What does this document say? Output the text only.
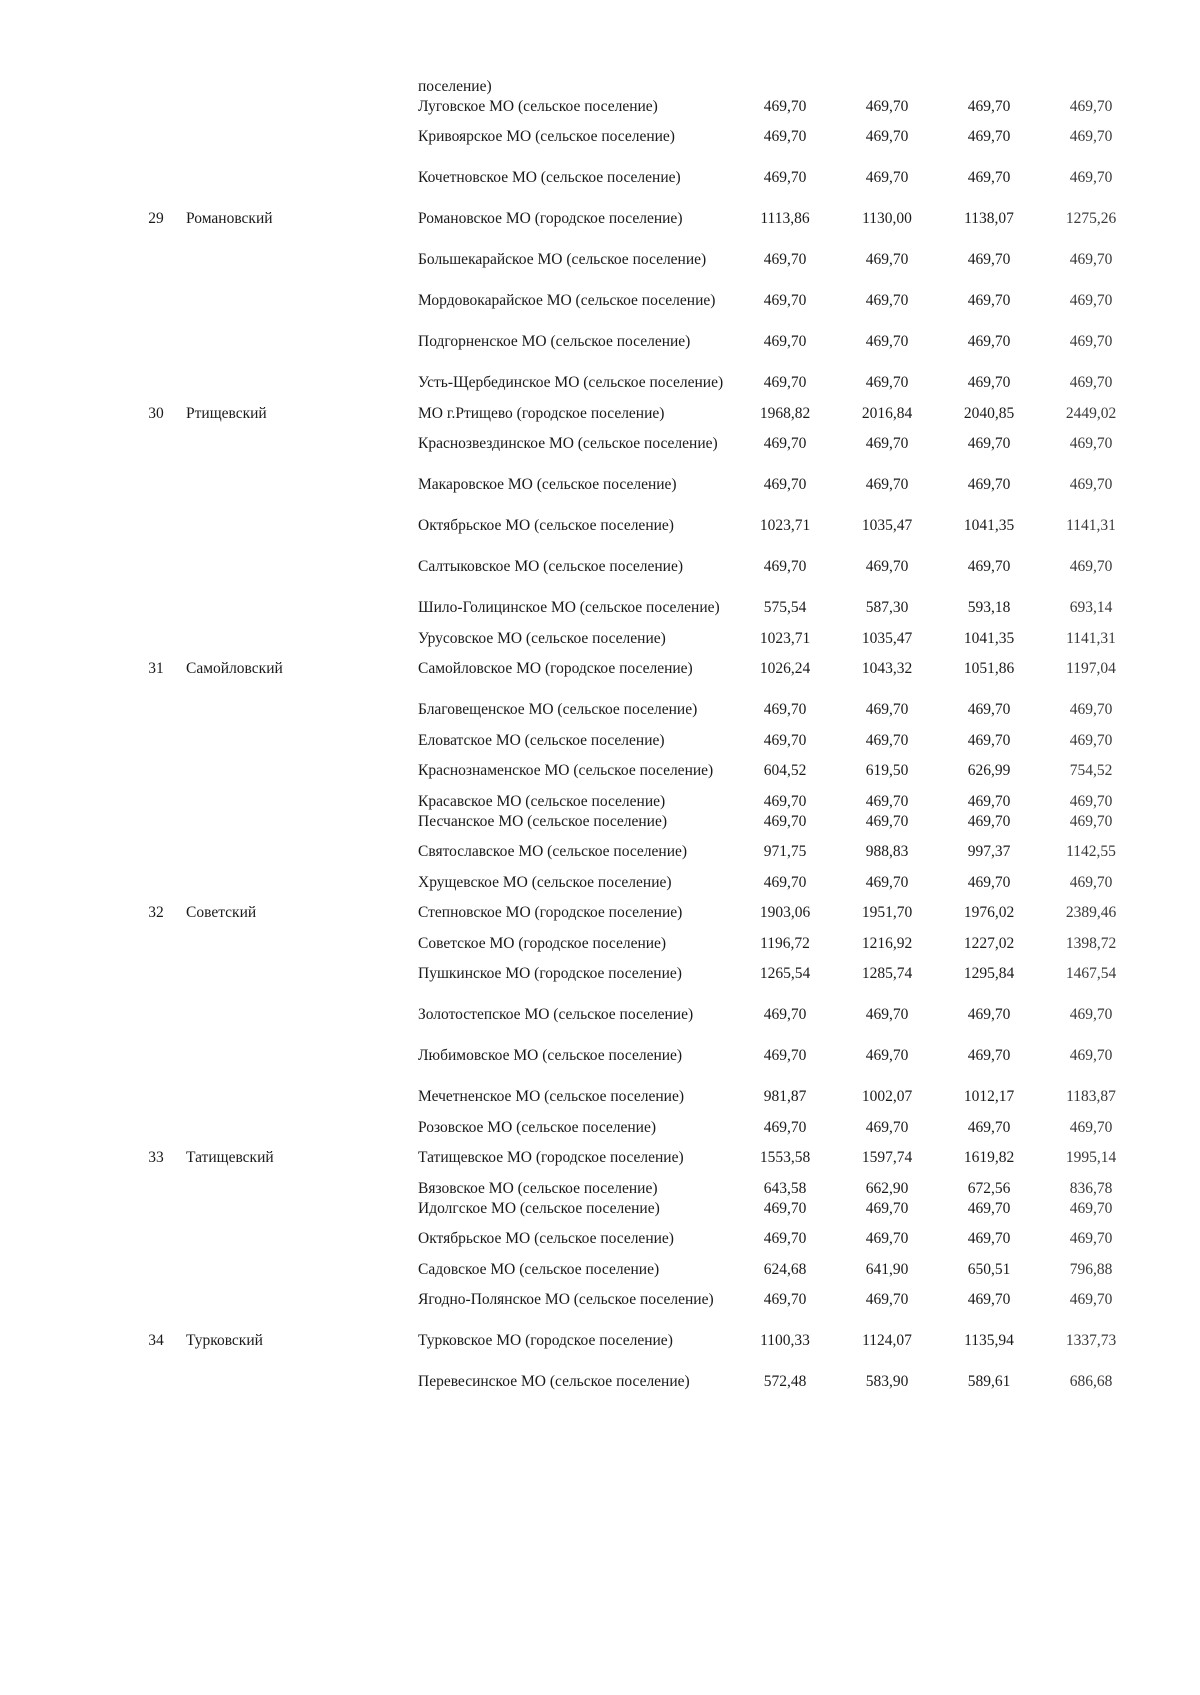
		поселение)				
		Луговское МО (сельское поселение)	469,70	469,70	469,70	469,70
		Кривоярское МО (сельское поселение)	469,70	469,70	469,70	469,70
		Кочетновское МО (сельское поселение)	469,70	469,70	469,70	469,70
29	Романовский	Романовское МО (городское поселение)	1113,86	1130,00	1138,07	1275,26
		Большекарайское МО (сельское поселение)	469,70	469,70	469,70	469,70
		Мордовокарайское МО (сельское поселение)	469,70	469,70	469,70	469,70
		Подгорненское МО (сельское поселение)	469,70	469,70	469,70	469,70
		Усть-Щербединское МО (сельское поселение)	469,70	469,70	469,70	469,70
30	Ртищевский	МО г.Ртищево (городское поселение)	1968,82	2016,84	2040,85	2449,02
		Краснозвездинское МО (сельское поселение)	469,70	469,70	469,70	469,70
		Макаровское МО (сельское поселение)	469,70	469,70	469,70	469,70
		Октябрьское МО (сельское поселение)	1023,71	1035,47	1041,35	1141,31
		Салтыковское МО (сельское поселение)	469,70	469,70	469,70	469,70
		Шило-Голицинское МО (сельское поселение)	575,54	587,30	593,18	693,14
		Урусовское МО (сельское поселение)	1023,71	1035,47	1041,35	1141,31
31	Самойловский	Самойловское МО (городское поселение)	1026,24	1043,32	1051,86	1197,04
		Благовещенское МО (сельское поселение)	469,70	469,70	469,70	469,70
		Еловатское МО (сельское поселение)	469,70	469,70	469,70	469,70
		Краснознаменское МО (сельское поселение)	604,52	619,50	626,99	754,52
		Красавское МО (сельское поселение)	469,70	469,70	469,70	469,70
		Песчанское МО (сельское поселение)	469,70	469,70	469,70	469,70
		Святославское МО (сельское поселение)	971,75	988,83	997,37	1142,55
		Хрущевское МО (сельское поселение)	469,70	469,70	469,70	469,70
32	Советский	Степновское МО (городское поселение)	1903,06	1951,70	1976,02	2389,46
		Советское МО (городское поселение)	1196,72	1216,92	1227,02	1398,72
		Пушкинское МО (городское поселение)	1265,54	1285,74	1295,84	1467,54
		Золотостепское МО (сельское поселение)	469,70	469,70	469,70	469,70
		Любимовское МО (сельское поселение)	469,70	469,70	469,70	469,70
		Мечетненское МО (сельское поселение)	981,87	1002,07	1012,17	1183,87
		Розовское МО (сельское поселение)	469,70	469,70	469,70	469,70
33	Татищевский	Татищевское МО (городское поселение)	1553,58	1597,74	1619,82	1995,14
		Вязовское МО (сельское поселение)	643,58	662,90	672,56	836,78
		Идолгское МО (сельское поселение)	469,70	469,70	469,70	469,70
		Октябрьское МО (сельское поселение)	469,70	469,70	469,70	469,70
		Садовское МО (сельское поселение)	624,68	641,90	650,51	796,88
		Ягодно-Полянское МО (сельское поселение)	469,70	469,70	469,70	469,70
34	Турковский	Турковское МО (городское поселение)	1100,33	1124,07	1135,94	1337,73
		Перевесинское МО (сельское поселение)	572,48	583,90	589,61	686,68
